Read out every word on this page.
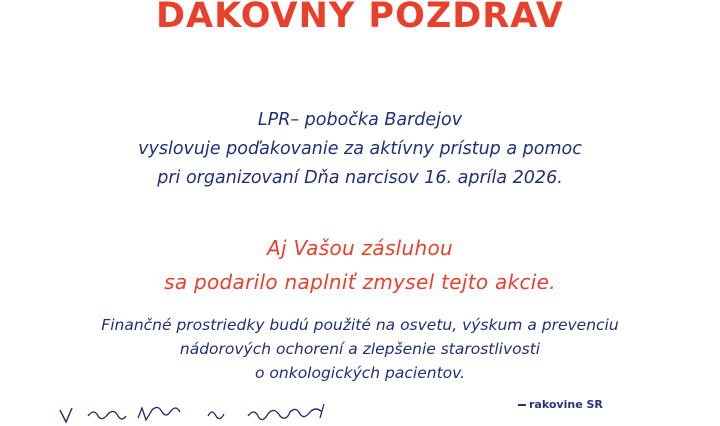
DAKOVNY POZDRAV
LPR– pobočka Bardejov
vyslovuje poďakovanie za aktívny prístup a pomoc
pri organizovaní Dňa narcisov 16. apríla 2026.
Aj Vašou zásluhou
sa podarilo naplniť zmysel tejto akcie.
Finančné prostriedky budú použité na osvetu, výskum a prevenciu
nádorových ochorení a zlepšenie starostlivosti
o onkologických pacientov.
rakovine SR
